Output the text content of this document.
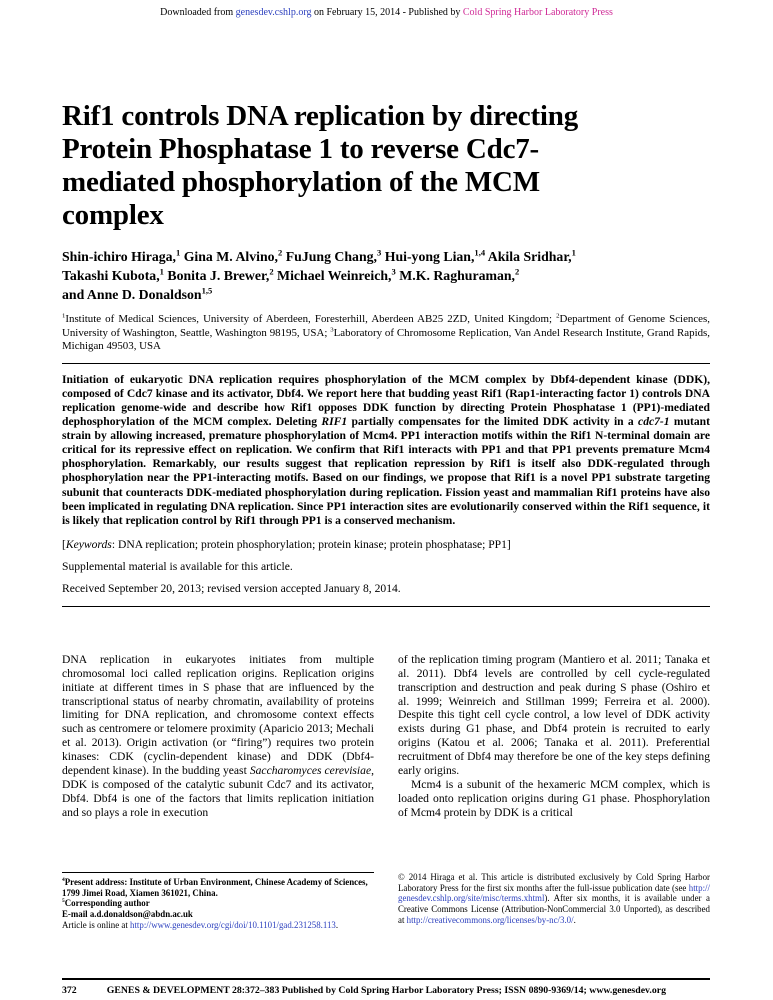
Downloaded from genesdev.cshlp.org on February 15, 2014 - Published by Cold Spring Harbor Laboratory Press
Rif1 controls DNA replication by directing
Protein Phosphatase 1 to reverse Cdc7-
mediated phosphorylation of the MCM
complex
Shin-ichiro Hiraga,$^1$ Gina M. Alvino,$^2$ FuJung Chang,$^3$ Hui-yong Lian,$^{1,4}$ Akila Sridhar,$^1$
Takashi Kubota,$^1$ Bonita J. Brewer,$^2$ Michael Weinreich,$^3$ M.K. Raghuraman,$^2$
and Anne D. Donaldson$^{1,5}$
$^1$Institute of Medical Sciences, University of Aberdeen, Foresterhill, Aberdeen AB25 2ZD, United Kingdom; $^2$Department of Genome Sciences, University of Washington, Seattle, Washington 98195, USA; $^3$Laboratory of Chromosome Replication, Van Andel Research Institute, Grand Rapids, Michigan 49503, USA
Initiation of eukaryotic DNA replication requires phosphorylation of the MCM complex by Dbf4-dependent kinase (DDK), composed of Cdc7 kinase and its activator, Dbf4. We report here that budding yeast Rif1 (Rap1-interacting factor 1) controls DNA replication genome-wide and describe how Rif1 opposes DDK function by directing Protein Phosphatase 1 (PP1)-mediated dephosphorylation of the MCM complex. Deleting RIF1 partially compensates for the limited DDK activity in a cdc7-1 mutant strain by allowing increased, premature phosphorylation of Mcm4. PP1 interaction motifs within the Rif1 N-terminal domain are critical for its repressive effect on replication. We confirm that Rif1 interacts with PP1 and that PP1 prevents premature Mcm4 phosphorylation. Remarkably, our results suggest that replication repression by Rif1 is itself also DDK-regulated through phosphorylation near the PP1-interacting motifs. Based on our findings, we propose that Rif1 is a novel PP1 substrate targeting subunit that counteracts DDK-mediated phosphorylation during replication. Fission yeast and mammalian Rif1 proteins have also been implicated in regulating DNA replication. Since PP1 interaction sites are evolutionarily conserved within the Rif1 sequence, it is likely that replication control by Rif1 through PP1 is a conserved mechanism.

[Keywords: DNA replication; protein phosphorylation; protein kinase; protein phosphatase; PP1]

Supplemental material is available for this article.

Received September 20, 2013; revised version accepted January 8, 2014.

DNA replication in eukaryotes initiates from multiple chromosomal loci called replication origins. Replication origins initiate at different times in S phase that are influenced by the transcriptional status of nearby chromatin, availability of proteins limiting for DNA replication, and chromosome context effects such as centromere or telomere proximity (Aparicio 2013; Mechali et al. 2013). Origin activation (or “firing”) requires two protein kinases: CDK (cyclin-dependent kinase) and DDK (Dbf4-dependent kinase). In the budding yeast Saccharomyces cerevisiae, DDK is composed of the catalytic subunit Cdc7 and its activator, Dbf4. Dbf4 is one of the factors that limits replication initiation and so plays a role in execution

of the replication timing program (Mantiero et al. 2011; Tanaka et al. 2011). Dbf4 levels are controlled by cell cycle-regulated transcription and destruction and peak during S phase (Oshiro et al. 1999; Weinreich and Stillman 1999; Ferreira et al. 2000). Despite this tight cell cycle control, a low level of DDK activity exists during G1 phase, and Dbf4 protein is recruited to early origins (Katou et al. 2006; Tanaka et al. 2011). Preferential recruitment of Dbf4 may therefore be one of the key steps defining early origins.

Mcm4 is a subunit of the hexameric MCM complex, which is loaded onto replication origins during G1 phase. Phosphorylation of Mcm4 protein by DDK is a critical

$^4$Present address: Institute of Urban Environment, Chinese Academy of Sciences, 1799 Jimei Road, Xiamen 361021, China.

$^5$Corresponding author

E-mail a.d.donaldson@abdn.ac.uk

Article is online at http://www.genesdev.org/cgi/doi/10.1101/gad.231258.113.

© 2014 Hiraga et al. This article is distributed exclusively by Cold Spring Harbor Laboratory Press for the first six months after the full-issue publication date (see http://genesdev.cshlp.org/site/misc/terms.xhtml). After six months, it is available under a Creative Commons License (Attribution-NonCommercial 3.0 Unported), as described at http://creativecommons.org/licenses/by-nc/3.0/.

372	GENES & DEVELOPMENT 28:372–383 Published by Cold Spring Harbor Laboratory Press; ISSN 0890-9369/14; www.genesdev.org
